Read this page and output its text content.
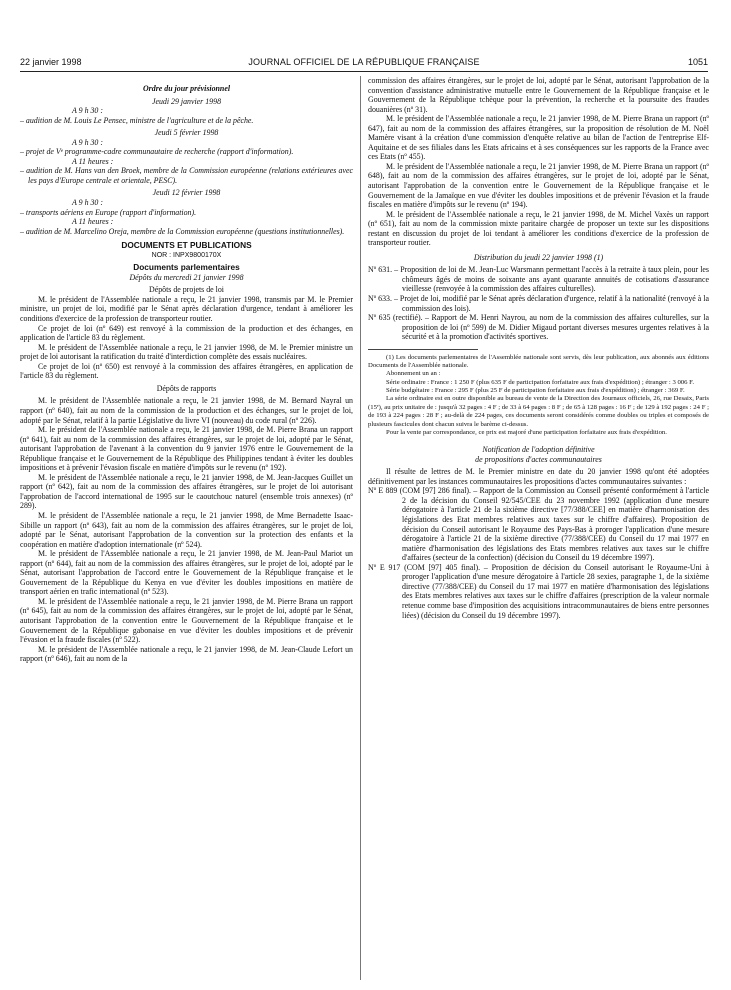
22 janvier 1998	JOURNAL OFFICIEL DE LA RÉPUBLIQUE FRANÇAISE	1051

Ordre du jour prévisionnel

Jeudi 29 janvier 1998

A 9 h 30 :

– audition de M. Louis Le Pensec, ministre de l'agriculture et de la pêche.

Jeudi 5 février 1998

A 9 h 30 :

– projet de Vᵉ programme-cadre communautaire de recherche (rapport d'information).

A 11 heures :

– audition de M. Hans van den Broek, membre de la Commission européenne (relations extérieures avec les pays d'Europe centrale et orientale, PESC).

Jeudi 12 février 1998

A 9 h 30 :

– transports aériens en Europe (rapport d'information).

A 11 heures :

– audition de M. Marcelino Oreja, membre de la Commission européenne (questions institutionnelles).

DOCUMENTS ET PUBLICATIONS

NOR : INPX9800170X

Documents parlementaires

Dépôts du mercredi 21 janvier 1998

Dépôts de projets de loi

M. le président de l'Assemblée nationale a reçu, le 21 janvier 1998, transmis par M. le Premier ministre, un projet de loi, modifié par le Sénat après déclaration d'urgence, tendant à améliorer les conditions d'exercice de la profession de transporteur routier.

Ce projet de loi (nº 649) est renvoyé à la commission de la production et des échanges, en application de l'article 83 du règlement.

M. le président de l'Assemblée nationale a reçu, le 21 janvier 1998, de M. le Premier ministre un projet de loi autorisant la ratification du traité d'interdiction complète des essais nucléaires.

Ce projet de loi (nº 650) est renvoyé à la commission des affaires étrangères, en application de l'article 83 du règlement.

Dépôts de rapports

M. le président de l'Assemblée nationale a reçu, le 21 janvier 1998, de M. Bernard Nayral un rapport (nº 640), fait au nom de la commission de la production et des échanges, sur le projet de loi, adopté par le Sénat, relatif à la partie Législative du livre VI (nouveau) du code rural (nº 226).

M. le président de l'Assemblée nationale a reçu, le 21 janvier 1998, de M. Pierre Brana un rapport (nº 641), fait au nom de la commission des affaires étrangères, sur le projet de loi, adopté par le Sénat, autorisant l'approbation de l'avenant à la convention du 9 janvier 1976 entre le Gouvernement de la République française et le Gouvernement de la République des Philippines tendant à éviter les doubles impositions et à prévenir l'évasion fiscale en matière d'impôts sur le revenu (nº 192).

M. le président de l'Assemblée nationale a reçu, le 21 janvier 1998, de M. Jean-Jacques Guillet un rapport (nº 642), fait au nom de la commission des affaires étrangères, sur le projet de loi autorisant l'approbation de l'accord international de 1995 sur le caoutchouc naturel (ensemble trois annexes) (nº 289).

M. le président de l'Assemblée nationale a reçu, le 21 janvier 1998, de Mme Bernadette Isaac-Sibille un rapport (nº 643), fait au nom de la commission des affaires étrangères, sur le projet de loi, adopté par le Sénat, autorisant l'approbation de la convention sur la protection des enfants et la coopération en matière d'adoption internationale (nº 524).

M. le président de l'Assemblée nationale a reçu, le 21 janvier 1998, de M. Jean-Paul Mariot un rapport (nº 644), fait au nom de la commission des affaires étrangères, sur le projet de loi, adopté par le Sénat, autorisant l'approbation de l'accord entre le Gouvernement de la République française et le Gouvernement de la République du Kenya en vue d'éviter les doubles impositions en matière de transport aérien en trafic international (nº 523).

M. le président de l'Assemblée nationale a reçu, le 21 janvier 1998, de M. Pierre Brana un rapport (nº 645), fait au nom de la commission des affaires étrangères, sur le projet de loi, adopté par le Sénat, autorisant l'approbation de la convention entre le Gouvernement de la République française et le Gouvernement de la République gabonaise en vue d'éviter les doubles impositions et de prévenir l'évasion et la fraude fiscales (nº 522).

M. le président de l'Assemblée nationale a reçu, le 21 janvier 1998, de M. Jean-Claude Lefort un rapport (nº 646), fait au nom de la

commission des affaires étrangères, sur le projet de loi, adopté par le Sénat, autorisant l'approbation de la convention d'assistance administrative mutuelle entre le Gouvernement de la République française et le Gouvernement de la République tchèque pour la prévention, la recherche et la poursuite des fraudes douanières (nº 31).

M. le président de l'Assemblée nationale a reçu, le 21 janvier 1998, de M. Pierre Brana un rapport (nº 647), fait au nom de la commission des affaires étrangères, sur la proposition de résolution de M. Noël Mamère visant à la création d'une commission d'enquête relative au bilan de l'action de l'entreprise Elf-Aquitaine et de ses filiales dans les Etats africains et à ses conséquences sur les rapports de la France avec ces Etats (nº 455).

M. le président de l'Assemblée nationale a reçu, le 21 janvier 1998, de M. Pierre Brana un rapport (nº 648), fait au nom de la commission des affaires étrangères, sur le projet de loi, adopté par le Sénat, autorisant l'approbation de la convention entre le Gouvernement de la République française et le Gouvernement de la Jamaïque en vue d'éviter les doubles impositions et de prévenir l'évasion et la fraude fiscales en matière d'impôts sur le revenu (nº 194).

M. le président de l'Assemblée nationale a reçu, le 21 janvier 1998, de M. Michel Vaxès un rapport (nº 651), fait au nom de la commission mixte paritaire chargée de proposer un texte sur les dispositions restant en discussion du projet de loi tendant à améliorer les conditions d'exercice de la profession de transporteur routier.

Distribution du jeudi 22 janvier 1998 (1)

Nº 631. – Proposition de loi de M. Jean-Luc Warsmann permettant l'accès à la retraite à taux plein, pour les chômeurs âgés de moins de soixante ans ayant quarante annuités de cotisations d'assurance vieillesse (renvoyée à la commission des affaires culturelles).

Nº 633. – Projet de loi, modifié par le Sénat après déclaration d'urgence, relatif à la nationalité (renvoyé à la commission des lois).

Nº 635 (rectifié). – Rapport de M. Henri Nayrou, au nom de la commission des affaires culturelles, sur la proposition de loi (nº 599) de M. Didier Migaud portant diverses mesures urgentes relatives à la sécurité et à la promotion d'activités sportives.

(1) Les documents parlementaires de l'Assemblée nationale sont servis, dès leur publication, aux abonnés aux éditions Documents de l'Assemblée nationale.

Abonnement un an :

Série ordinaire : France : 1 250 F (plus 635 F de participation forfaitaire aux frais d'expédition) ; étranger : 3 006 F.

Série budgétaire : France : 295 F (plus 25 F de participation forfaitaire aux frais d'expédition) ; étranger : 369 F.

La série ordinaire est en outre disponible au bureau de vente de la Direction des Journaux officiels, 26, rue Desaix, Paris (15ᵉ), au prix unitaire de : jusqu'à 32 pages : 4 F ; de 33 à 64 pages : 8 F ; de 65 à 128 pages : 16 F ; de 129 à 192 pages : 24 F ; de 193 à 224 pages : 28 F ; au-delà de 224 pages, ces documents seront considérés comme doubles ou triples et composés de plusieurs fascicules dont chacun suivra le barème ci-dessus.

Pour la vente par correspondance, ce prix est majoré d'une participation forfaitaire aux frais d'expédition.

Notification de l'adoption définitive

de propositions d'actes communautaires

Il résulte de lettres de M. le Premier ministre en date du 20 janvier 1998 qu'ont été adoptées définitivement par les instances communautaires les propositions d'actes communautaires suivantes :

Nº E 889 (COM [97] 286 final). – Rapport de la Commission au Conseil présenté conformément à l'article 2 de la décision du Conseil 92/545/CEE du 23 novembre 1992 (application d'une mesure dérogatoire à l'article 21 de la sixième directive [77/388/CEE] en matière d'harmonisation des législations des Etat membres relatives aux taxes sur le chiffre d'affaires). Proposition de décision du Conseil autorisant le Royaume des Pays-Bas à proroger l'application d'une mesure dérogatoire à l'article 21 de la sixième directive (77/388/CEE) du Conseil du 17 mai 1977 en matière d'harmonisation des législations des Etats membres relatives aux taxes sur le chiffre d'affaires (secteur de la confection) (décision du Conseil du 19 décembre 1997).

Nº E 917 (COM [97] 405 final). – Proposition de décision du Conseil autorisant le Royaume-Uni à proroger l'application d'une mesure dérogatoire à l'article 28 sexies, paragraphe 1, de la sixième directive (77/388/CEE) du Conseil du 17 mai 1977 en matière d'harmonisation des législations des Etats membres relatives aux taxes sur le chiffre d'affaires (prescription de la valeur normale retenue comme base d'imposition des acquisitions intracommunautaires de biens entre personnes liées) (décision du Conseil du 19 décembre 1997).
